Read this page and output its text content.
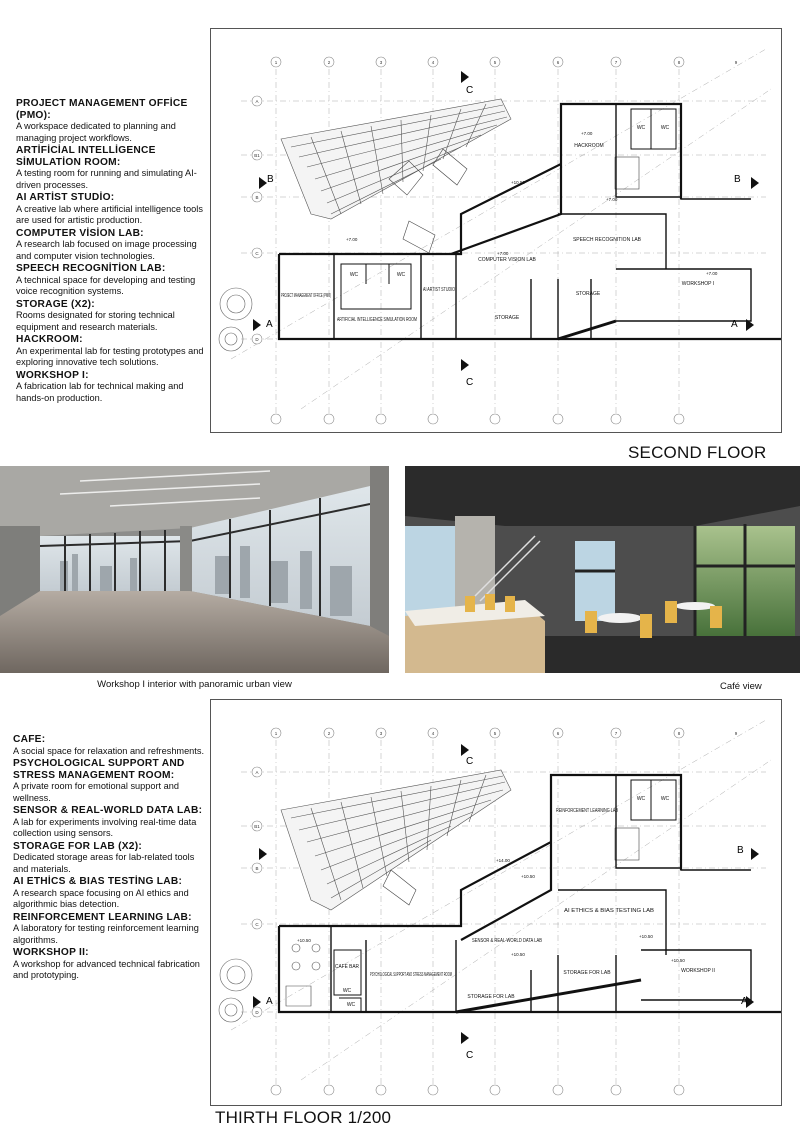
PROJECT MANAGEMENT OFFİCE (PMO):
A workspace dedicated to planning and managing project workflows.
ARTİFİCİAL INTELLİGENCE SİMULATİON ROOM:
A testing room for running and simulating AI-driven processes.
AI ARTİST STUDİO:
A creative lab where artificial intelligence tools are used for artistic production.
COMPUTER VİSİON LAB:
A research lab focused on image processing and computer vision technologies.
SPEECH RECOGNİTİON LAB:
A technical space for developing and testing voice recognition systems.
STORAGE (X2):
Rooms designated for storing technical equipment and research materials.
HACKROOM:
An experimental lab for testing prototypes and exploring innovative tech solutions.
WORKSHOP I:
A fabrication lab for technical making and hands-on production.
C
C
B	B
A	A
1	2	3	4	5	6	7	8	9
A
B1
B
C
D
PROJECT MANAGEMENT OFFICE (PMO)
ARTIFICIAL INTELLIGENCE SIMULATION ROOM
AI ARTIST STUDIO
COMPUTER VISION LAB
STORAGE
STORAGE
SPEECH RECOGNITION LAB
HACKROOM
WORKSHOP I
WC	WC
WC	WC
+7.00
+10.50
+7.00
+7.00
+7.00
+7.00
SECOND FLOOR
Workshop I interior with panoramic urban view	Café view
CAFE:
A social space for relaxation and refreshments.
PSYCHOLOGICAL SUPPORT AND STRESS MANAGEMENT ROOM:
A private room for emotional support and wellness.
SENSOR & REAL-WORLD DATA LAB:
A lab for experiments involving real-time data collection using sensors.
STORAGE FOR LAB (X2):
Dedicated storage areas for lab-related tools and materials.
AI ETHİCS & BIAS TESTİNG LAB:
A research space focusing on AI ethics and algorithmic bias detection.
REINFORCEMENT LEARNING LAB:
A laboratory for testing reinforcement learning algorithms.
WORKSHOP II:
A workshop for advanced technical fabrication and prototyping.
C
C
B
A	A
1	2	3	4	5	6	7	8	9
A
B1
B
C
D
CAFE BAR
PSYCHOLOGICAL SUPPORT AND STRESS MANAGEMENT ROOM
SENSOR & REAL-WORLD DATA LAB
STORAGE FOR LAB
STORAGE FOR LAB
AI ETHICS & BIAS TESTING LAB
REINFORCEMENT LEARNING LAB
WORKSHOP II
WC
WC
WC	WC
+10.50
+14.00
+10.50
+10.50
+10.50
+10.50
THIRTH FLOOR 1/200
